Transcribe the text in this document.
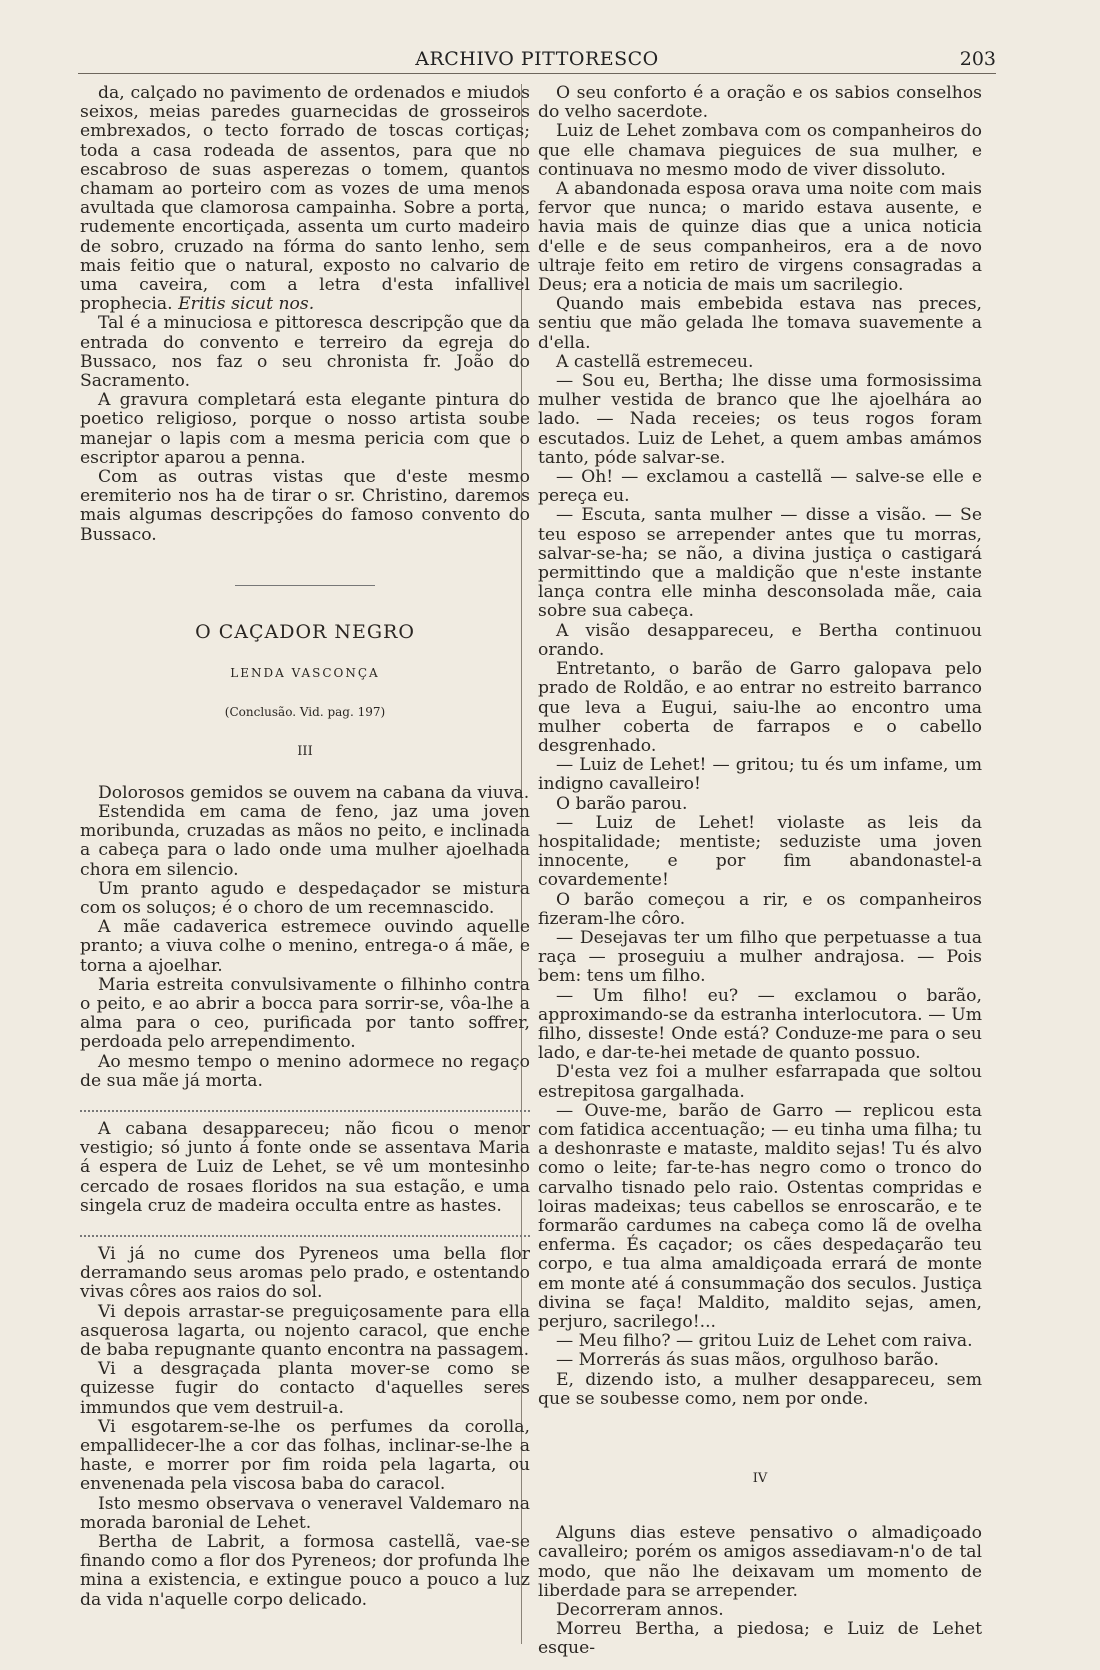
ARCHIVO PITTORESCO	203

da, calçado no pavimento de ordenados e miudos seixos, meias paredes guarnecidas de grosseiros embrexados, o tecto forrado de toscas cortiças; toda a casa rodeada de assentos, para que no escabroso de suas asperezas o tomem, quantos chamam ao porteiro com as vozes de uma menos avultada que clamorosa campainha. Sobre a porta, rudemente encortiçada, assenta um curto madeiro de sobro, cruzado na fórma do santo lenho, sem mais feitio que o natural, exposto no calvario de uma caveira, com a letra d'esta infallivel prophecia. Eritis sicut nos.

Tal é a minuciosa e pittoresca descripção que da entrada do convento e terreiro da egreja do Bussaco, nos faz o seu chronista fr. João do Sacramento.

A gravura completará esta elegante pintura do poetico religioso, porque o nosso artista soube manejar o lapis com a mesma pericia com que o escriptor aparou a penna.

Com as outras vistas que d'este mesmo eremiterio nos ha de tirar o sr. Christino, daremos mais algumas descripções do famoso convento do Bussaco.

O CAÇADOR NEGRO

LENDA VASCONÇA

(Conclusão. Vid. pag. 197)

III

Dolorosos gemidos se ouvem na cabana da viuva.

Estendida em cama de feno, jaz uma joven moribunda, cruzadas as mãos no peito, e inclinada a cabeça para o lado onde uma mulher ajoelhada chora em silencio.

Um pranto agudo e despedaçador se mistura com os soluços; é o choro de um recemnascido.

A mãe cadaverica estremece ouvindo aquelle pranto; a viuva colhe o menino, entrega-o á mãe, e torna a ajoelhar.

Maria estreita convulsivamente o filhinho contra o peito, e ao abrir a bocca para sorrir-se, vôa-lhe a alma para o ceo, purificada por tanto soffrer, perdoada pelo arrependimento.

Ao mesmo tempo o menino adormece no regaço de sua mãe já morta.

A cabana desappareceu; não ficou o menor vestigio; só junto á fonte onde se assentava Maria á espera de Luiz de Lehet, se vê um montesinho cercado de rosaes floridos na sua estação, e uma singela cruz de madeira occulta entre as hastes.

Vi já no cume dos Pyreneos uma bella flor derramando seus aromas pelo prado, e ostentando vivas côres aos raios do sol.

Vi depois arrastar-se preguiçosamente para ella asquerosa lagarta, ou nojento caracol, que enche de baba repugnante quanto encontra na passagem.

Vi a desgraçada planta mover-se como se quizesse fugir do contacto d'aquelles seres immundos que vem destruil-a.

Vi esgotarem-se-lhe os perfumes da corolla, empallidecer-lhe a cor das folhas, inclinar-se-lhe a haste, e morrer por fim roida pela lagarta, ou envenenada pela viscosa baba do caracol.

Isto mesmo observava o veneravel Valdemaro na morada baronial de Lehet.

Bertha de Labrit, a formosa castellã, vae-se finando como a flor dos Pyreneos; dor profunda lhe mina a existencia, e extingue pouco a pouco a luz da vida n'aquelle corpo delicado.

O seu conforto é a oração e os sabios conselhos do velho sacerdote.

Luiz de Lehet zombava com os companheiros do que elle chamava pieguices de sua mulher, e continuava no mesmo modo de viver dissoluto.

A abandonada esposa orava uma noite com mais fervor que nunca; o marido estava ausente, e havia mais de quinze dias que a unica noticia d'elle e de seus companheiros, era a de novo ultraje feito em retiro de virgens consagradas a Deus; era a noticia de mais um sacrilegio.

Quando mais embebida estava nas preces, sentiu que mão gelada lhe tomava suavemente a d'ella.

A castellã estremeceu.

— Sou eu, Bertha; lhe disse uma formosissima mulher vestida de branco que lhe ajoelhára ao lado. — Nada receies; os teus rogos foram escutados. Luiz de Lehet, a quem ambas amámos tanto, póde salvar-se.

— Oh! — exclamou a castellã — salve-se elle e pereça eu.

— Escuta, santa mulher — disse a visão. — Se teu esposo se arrepender antes que tu morras, salvar-se-ha; se não, a divina justiça o castigará permittindo que a maldição que n'este instante lança contra elle minha desconsolada mãe, caia sobre sua cabeça.

A visão desappareceu, e Bertha continuou orando.

Entretanto, o barão de Garro galopava pelo prado de Roldão, e ao entrar no estreito barranco que leva a Eugui, saiu-lhe ao encontro uma mulher coberta de farrapos e o cabello desgrenhado.

— Luiz de Lehet! — gritou; tu és um infame, um indigno cavalleiro!

O barão parou.

— Luiz de Lehet! violaste as leis da hospitalidade; mentiste; seduziste uma joven innocente, e por fim abandonastel-a covardemente!

O barão começou a rir, e os companheiros fizeram-lhe côro.

— Desejavas ter um filho que perpetuasse a tua raça — proseguiu a mulher andrajosa. — Pois bem: tens um filho.

— Um filho! eu? — exclamou o barão, approximando-se da estranha interlocutora. — Um filho, disseste! Onde está? Conduze-me para o seu lado, e dar-te-hei metade de quanto possuo.

D'esta vez foi a mulher esfarrapada que soltou estrepitosa gargalhada.

— Ouve-me, barão de Garro — replicou esta com fatidica accentuação; — eu tinha uma filha; tu a deshonraste e mataste, maldito sejas! Tu és alvo como o leite; far-te-has negro como o tronco do carvalho tisnado pelo raio. Ostentas compridas e loiras madeixas; teus cabellos se enroscarão, e te formarão cardumes na cabeça como lã de ovelha enferma. És caçador; os cães despedaçarão teu corpo, e tua alma amaldiçoada errará de monte em monte até á consummação dos seculos. Justiça divina se faça! Maldito, maldito sejas, amen, perjuro, sacrilego!...

— Meu filho? — gritou Luiz de Lehet com raiva.

— Morrerás ás suas mãos, orgulhoso barão.

E, dizendo isto, a mulher desappareceu, sem que se soubesse como, nem por onde.

IV

Alguns dias esteve pensativo o almadiçoado cavalleiro; porém os amigos assediavam-n'o de tal modo, que não lhe deixavam um momento de liberdade para se arrepender.

Decorreram annos.

Morreu Bertha, a piedosa; e Luiz de Lehet esque-
